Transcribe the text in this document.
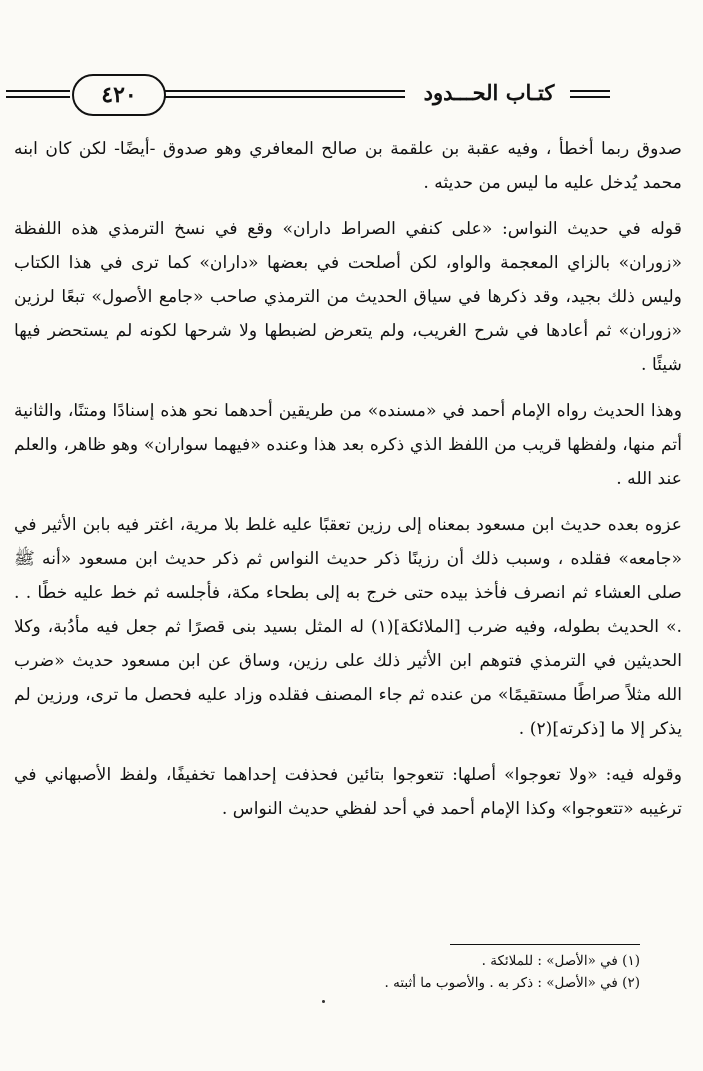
٤٢٠	كتـاب الحـــدود

صدوق ربما أخطأ ، وفيه عقبة بن علقمة بن صالح المعافري وهو صدوق -أيضًا- لكن كان ابنه محمد يُدخل عليه ما ليس من حديثه .

قوله في حديث النواس: «على كنفي الصراط داران» وقع في نسخ الترمذي هذه اللفظة «زوران» بالزاي المعجمة والواو، لكن أصلحت في بعضها «داران» كما ترى في هذا الكتاب وليس ذلك بجيد، وقد ذكرها في سياق الحديث من الترمذي صاحب «جامع الأصول» تبعًا لرزين «زوران» ثم أعادها في شرح الغريب، ولم يتعرض لضبطها ولا شرحها لكونه لم يستحضر فيها شيئًا .

وهذا الحديث رواه الإمام أحمد في «مسنده» من طريقين أحدهما نحو هذه إسنادًا ومتنًا، والثانية أتم منها، ولفظها قريب من اللفظ الذي ذكره بعد هذا وعنده «فيهما سواران» وهو ظاهر، والعلم عند الله .

عزوه بعده حديث ابن مسعود بمعناه إلى رزين تعقبًا عليه غلط بلا مرية، اغتر فيه بابن الأثير في «جامعه» فقلده ، وسبب ذلك أن رزينًا ذكر حديث النواس ثم ذكر حديث ابن مسعود «أنه ﷺ صلى العشاء ثم انصرف فأخذ بيده حتى خرج به إلى بطحاء مكة، فأجلسه ثم خط عليه خطًا . . .» الحديث بطوله، وفيه ضرب [الملائكة](١) له المثل بسيد بنى قصرًا ثم جعل فيه مأدُبة، وكلا الحديثين في الترمذي فتوهم ابن الأثير ذلك على رزين، وساق عن ابن مسعود حديث «ضرب الله مثلاً صراطًا مستقيمًا» من عنده ثم جاء المصنف فقلده وزاد عليه فحصل ما ترى، ورزين لم يذكر إلا ما [ذكرته](٢) .

وقوله فيه: «ولا تعوجوا» أصلها: تتعوجوا بتائين فحذفت إحداهما تخفيفًا، ولفظ الأصبهاني في ترغيبه «تتعوجوا» وكذا الإمام أحمد في أحد لفظي حديث النواس .

(١) في «الأصل» : للملائكة .
(٢) في «الأصل» : ذكر به . والأصوب ما أثبته .
